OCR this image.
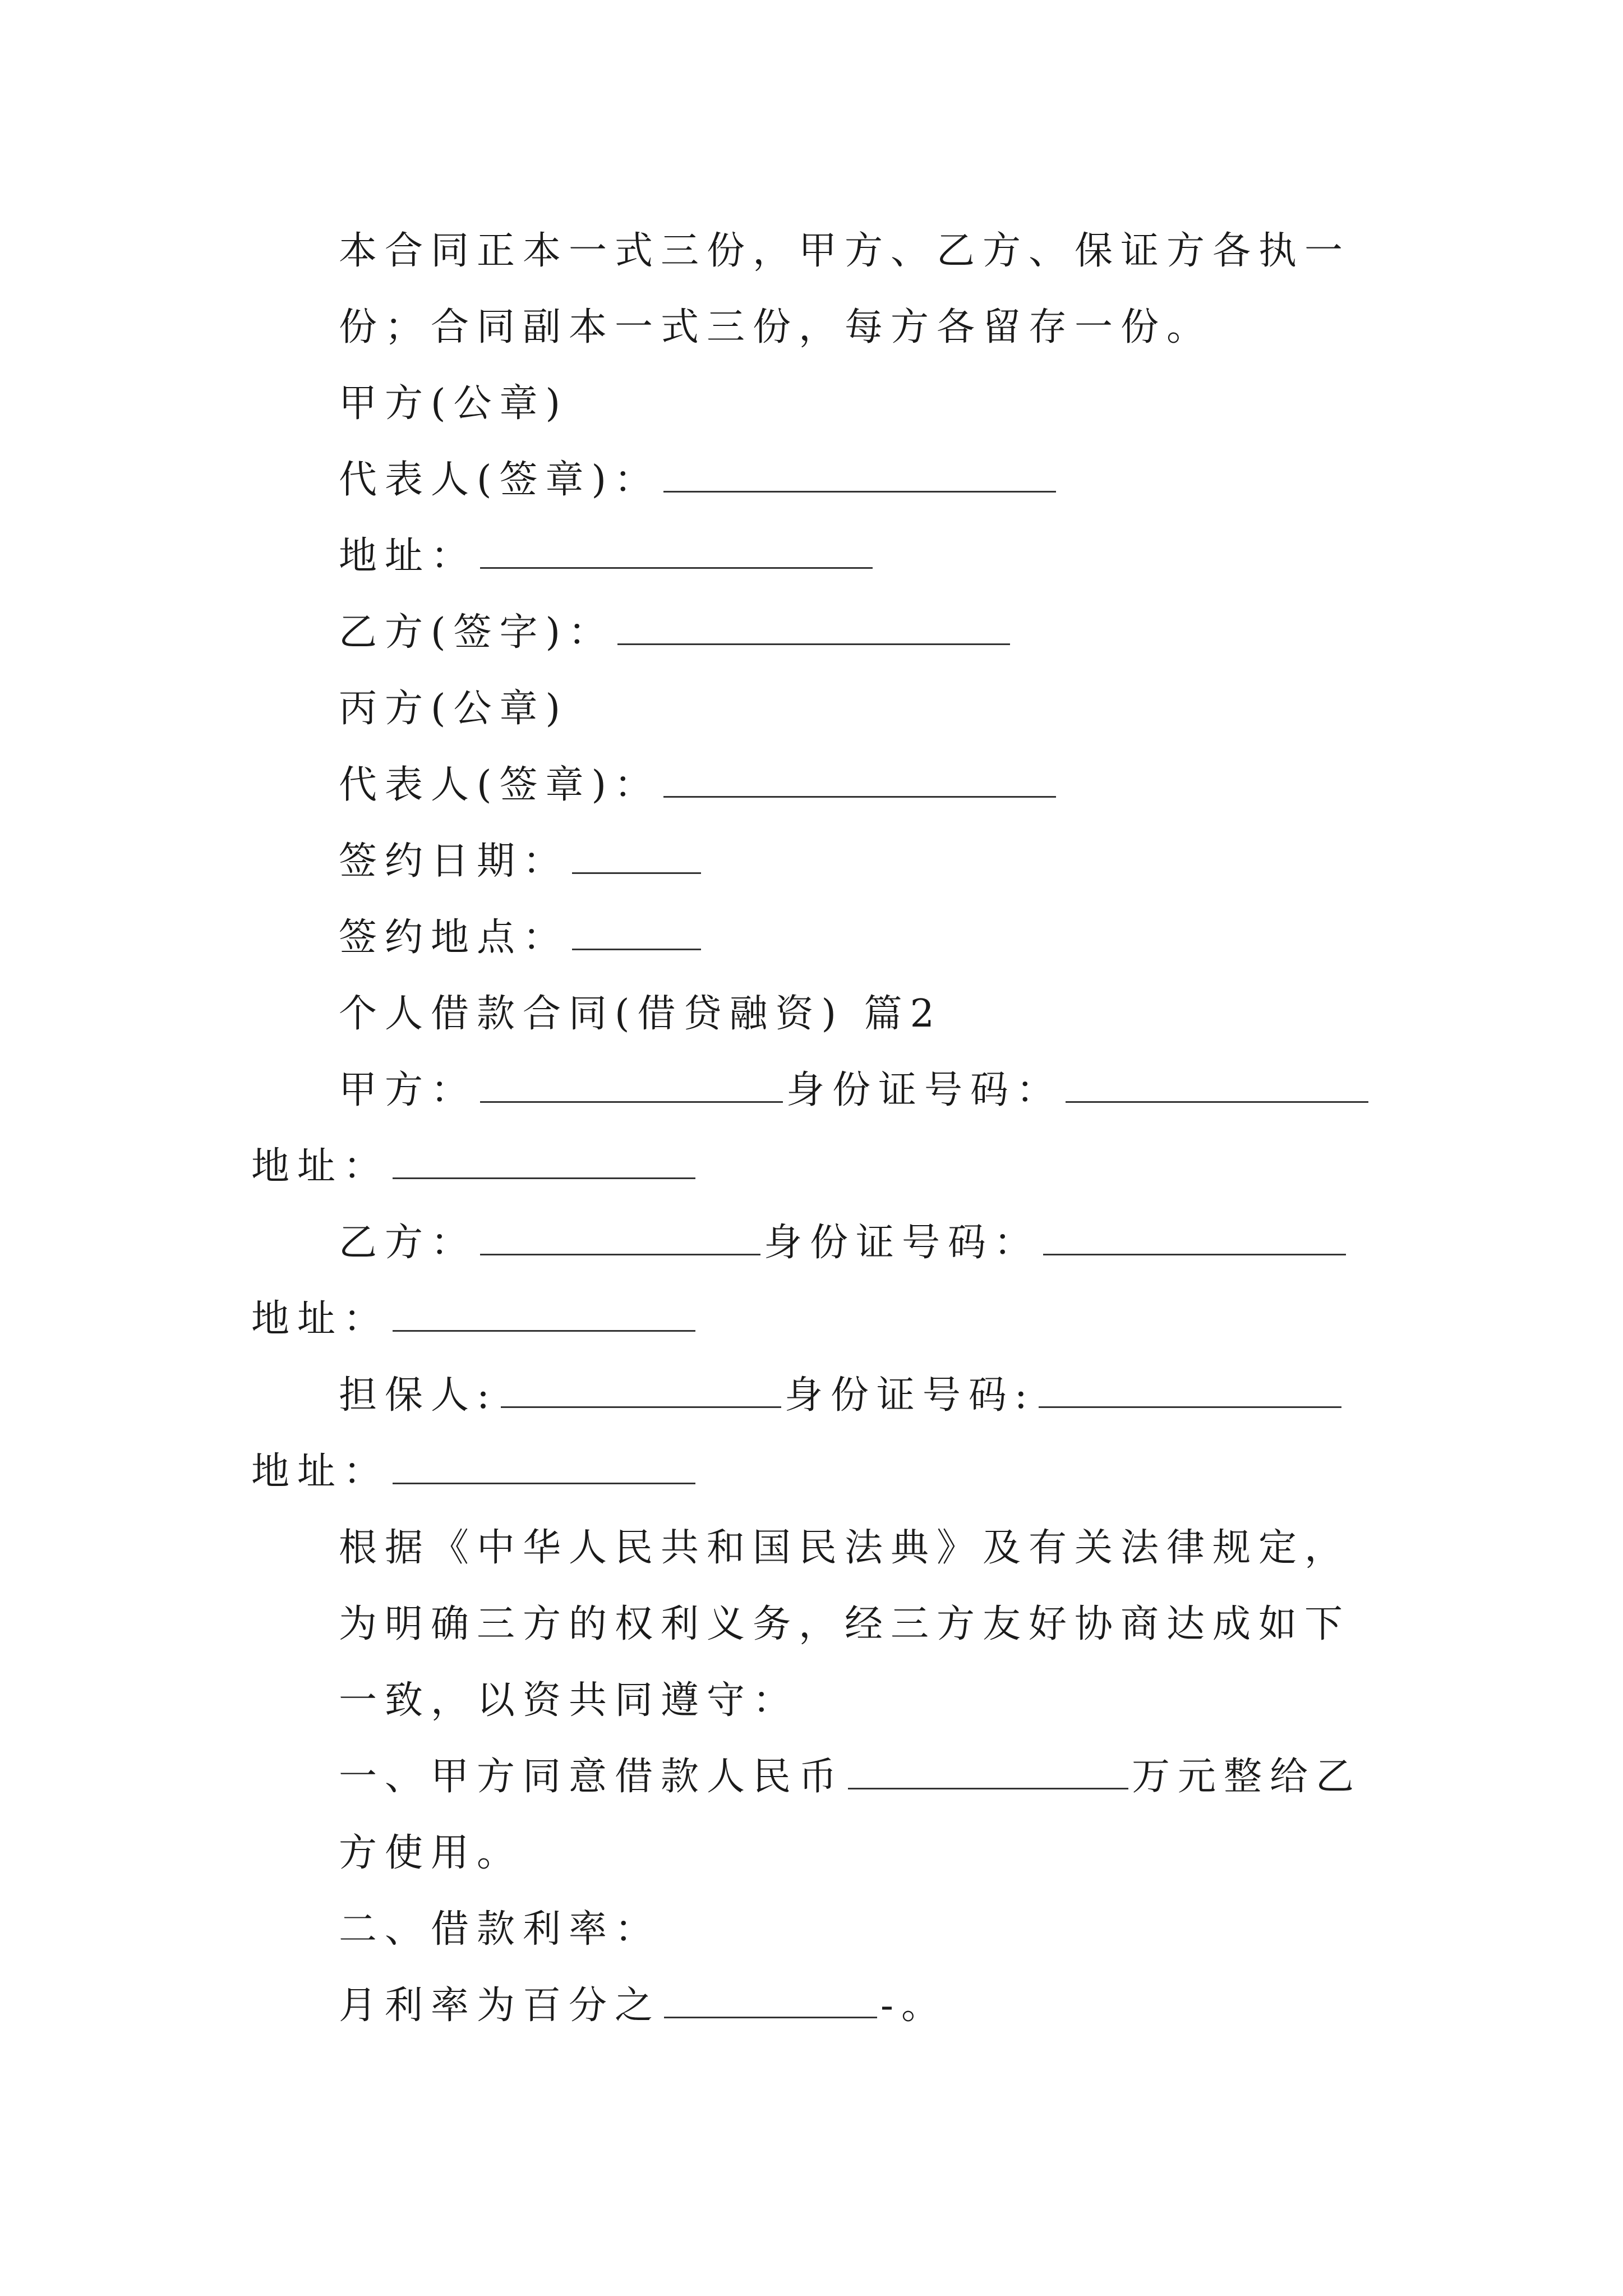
本合同正本一式三份，甲方、乙方、保证方各执一份；合同副本一式三份，每方各留存一份。

甲方(公章)

代表人(签章)：

地址：

乙方(签字)：

丙方(公章)

代表人(签章)：

签约日期：

签约地点：

个人借款合同(借贷融资) 篇2

甲方：	身份证号码：

地址：

乙方：	身份证号码：

地址：

担保人:	身份证号码:

地址：

根据《中华人民共和国民法典》及有关法律规定，为明确三方的权利义务，经三方友好协商达成如下一致，以资共同遵守：

一、甲方同意借款人民币	万元整给乙方使用。

二、借款利率：

月利率为百分之	-。
